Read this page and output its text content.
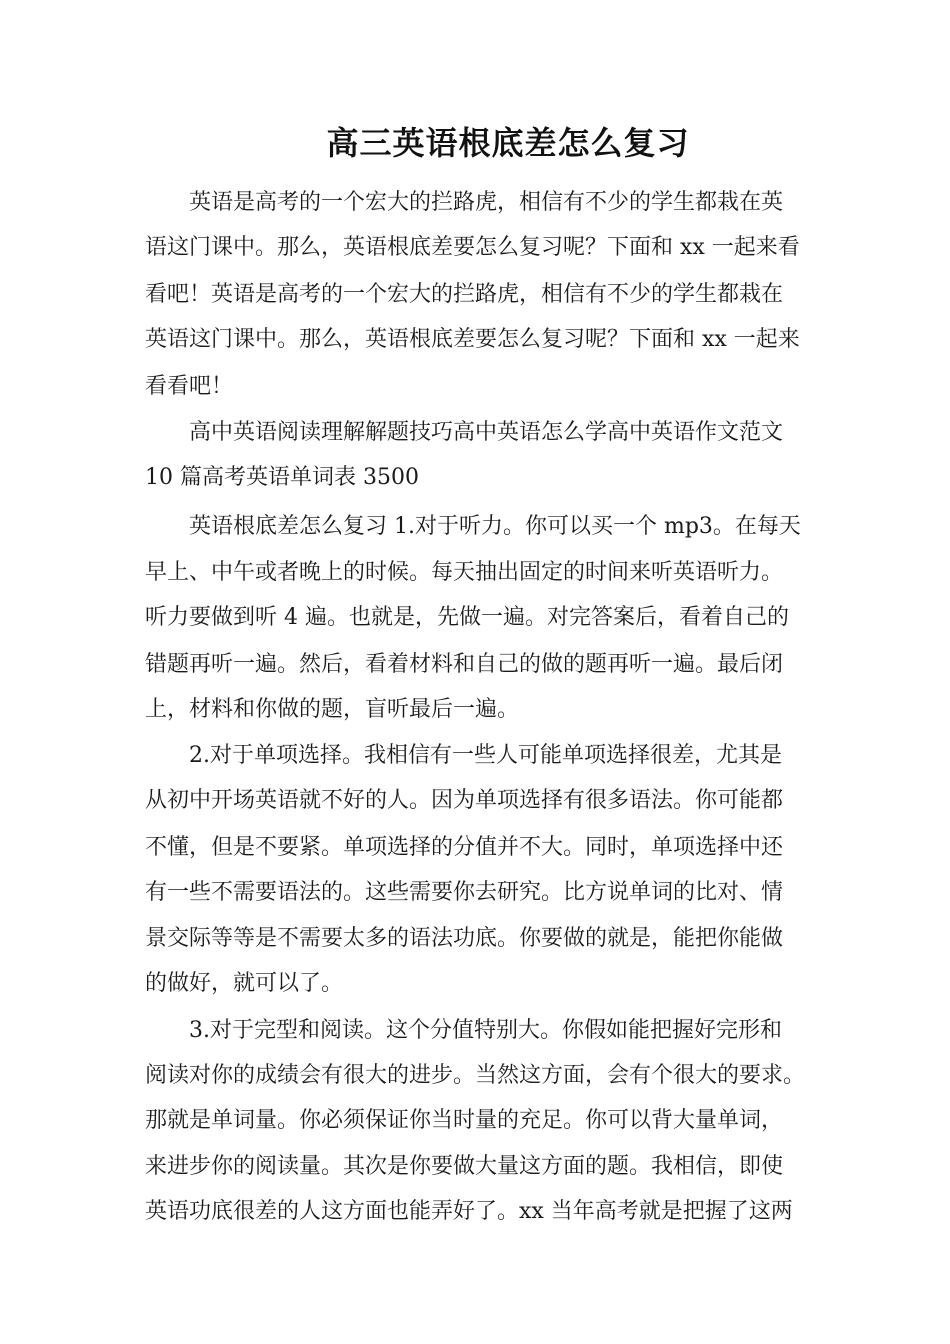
高三英语根底差怎么复习

英语是高考的一个宏大的拦路虎，相信有不少的学生都栽在英

语这门课中。那么，英语根底差要怎么复习呢？下面和 xx 一起来看

看吧！英语是高考的一个宏大的拦路虎，相信有不少的学生都栽在

英语这门课中。那么，英语根底差要怎么复习呢？下面和 xx 一起来

看看吧！

高中英语阅读理解解题技巧高中英语怎么学高中英语作文范文

10 篇高考英语单词表 3500

英语根底差怎么复习 1.对于听力。你可以买一个 mp3。在每天

早上、中午或者晚上的时候。每天抽出固定的时间来听英语听力。

听力要做到听 4 遍。也就是，先做一遍。对完答案后，看着自己的

错题再听一遍。然后，看着材料和自己的做的题再听一遍。最后闭

上，材料和你做的题，盲听最后一遍。

2.对于单项选择。我相信有一些人可能单项选择很差，尤其是

从初中开场英语就不好的人。因为单项选择有很多语法。你可能都

不懂，但是不要紧。单项选择的分值并不大。同时，单项选择中还

有一些不需要语法的。这些需要你去研究。比方说单词的比对、情

景交际等等是不需要太多的语法功底。你要做的就是，能把你能做

的做好，就可以了。

3.对于完型和阅读。这个分值特别大。你假如能把握好完形和

阅读对你的成绩会有很大的进步。当然这方面，会有个很大的要求。

那就是单词量。你必须保证你当时量的充足。你可以背大量单词，

来进步你的阅读量。其次是你要做大量这方面的题。我相信，即使

英语功底很差的人这方面也能弄好了。xx 当年高考就是把握了这两
